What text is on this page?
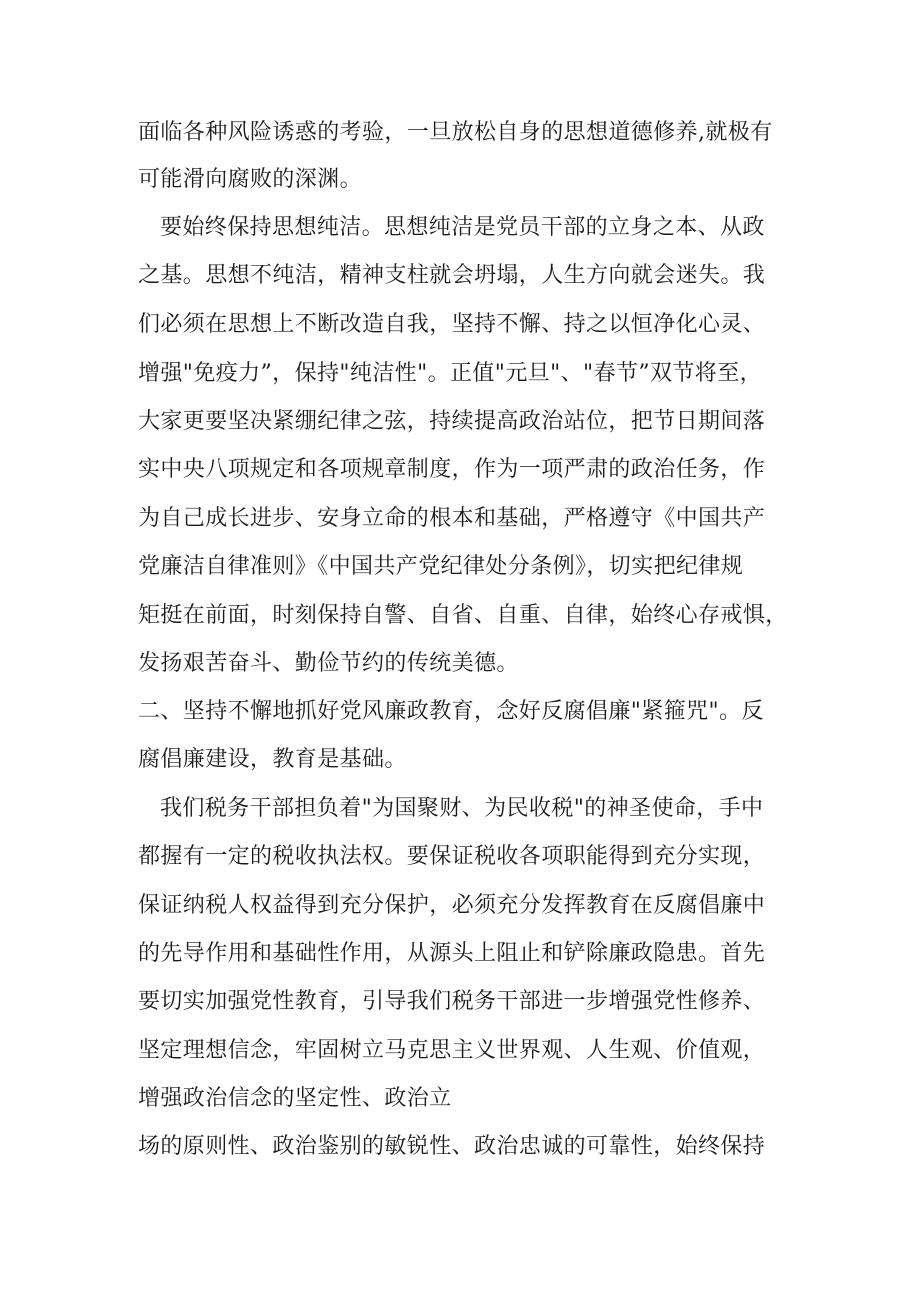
面临各种风险诱惑的考验，一旦放松自身的思想道德修养,就极有

可能滑向腐败的深渊。

要始终保持思想纯洁。思想纯洁是党员干部的立身之本、从政

之基。思想不纯洁，精神支柱就会坍塌，人生方向就会迷失。我

们必须在思想上不断改造自我，坚持不懈、持之以恒净化心灵、

增强"免疫力”，保持"纯洁性"。正值"元旦"、"春节”双节将至，

大家更要坚决紧绷纪律之弦，持续提高政治站位，把节日期间落

实中央八项规定和各项规章制度，作为一项严肃的政治任务，作

为自己成长进步、安身立命的根本和基础，严格遵守《中国共产

党廉洁自律准则》《中国共产党纪律处分条例》，切实把纪律规

矩挺在前面，时刻保持自警、自省、自重、自律，始终心存戒惧，

发扬艰苦奋斗、勤俭节约的传统美德。

二、坚持不懈地抓好党风廉政教育，念好反腐倡廉"紧箍咒"。反

腐倡廉建设，教育是基础。

我们税务干部担负着"为国聚财、为民收税"的神圣使命，手中

都握有一定的税收执法权。要保证税收各项职能得到充分实现，

保证纳税人权益得到充分保护，必须充分发挥教育在反腐倡廉中

的先导作用和基础性作用，从源头上阻止和铲除廉政隐患。首先

要切实加强党性教育，引导我们税务干部进一步增强党性修养、

坚定理想信念，牢固树立马克思主义世界观、人生观、价值观，

增强政治信念的坚定性、政治立

场的原则性、政治鉴别的敏锐性、政治忠诚的可靠性，始终保持
